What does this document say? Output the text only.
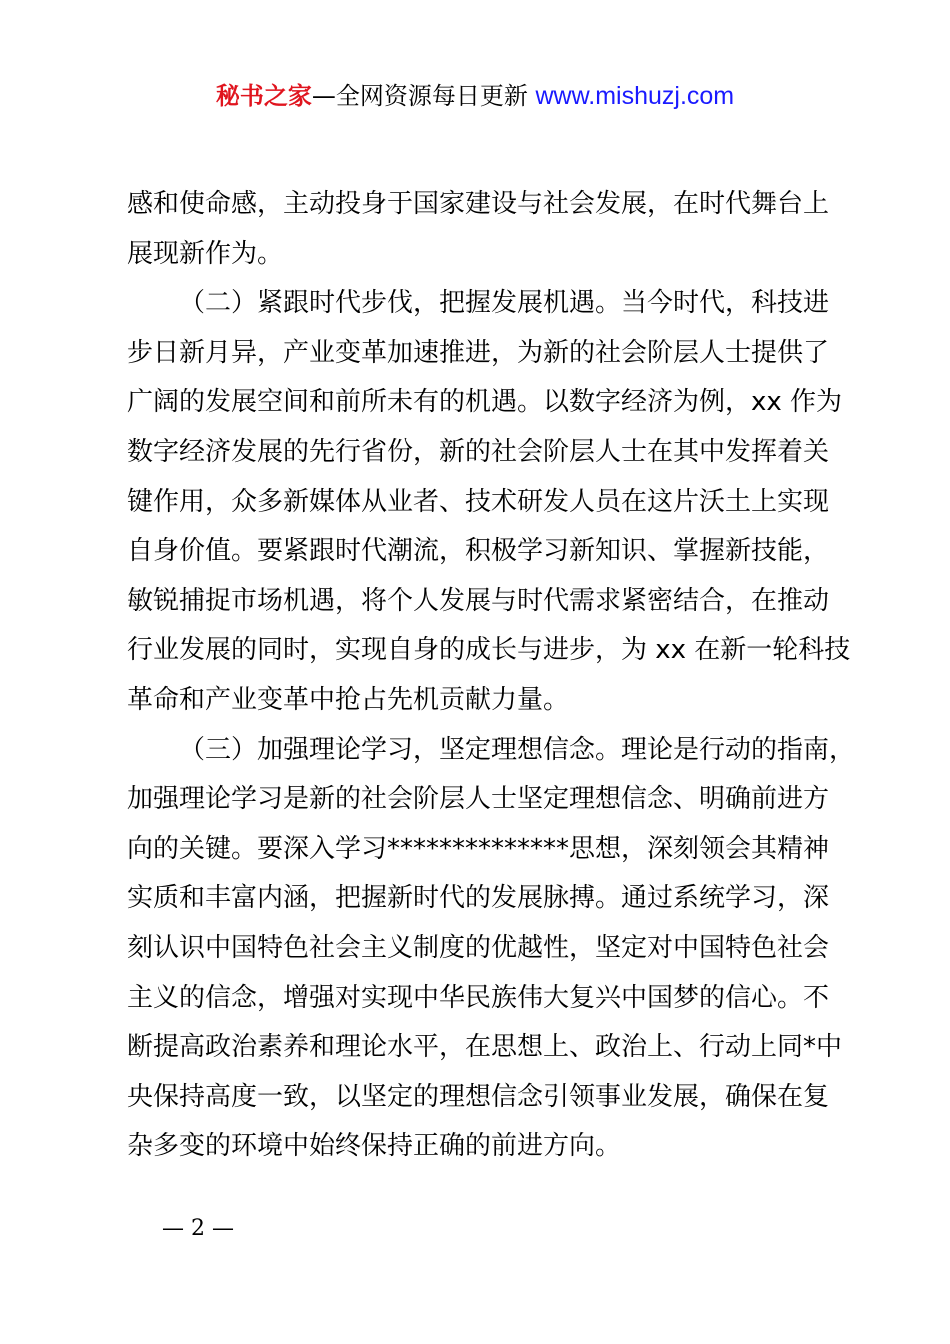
秘书之家—全网资源每日更新 www.mishuzj.com
感和使命感，主动投身于国家建设与社会发展，在时代舞台上
展现新作为。
（二）紧跟时代步伐，把握发展机遇。当今时代，科技进
步日新月异，产业变革加速推进，为新的社会阶层人士提供了
广阔的发展空间和前所未有的机遇。以数字经济为例，xx 作为
数字经济发展的先行省份，新的社会阶层人士在其中发挥着关
键作用，众多新媒体从业者、技术研发人员在这片沃土上实现
自身价值。要紧跟时代潮流，积极学习新知识、掌握新技能，
敏锐捕捉市场机遇，将个人发展与时代需求紧密结合，在推动
行业发展的同时，实现自身的成长与进步，为 xx 在新一轮科技
革命和产业变革中抢占先机贡献力量。
（三）加强理论学习，坚定理想信念。理论是行动的指南，
加强理论学习是新的社会阶层人士坚定理想信念、明确前进方
向的关键。要深入学习**************思想，深刻领会其精神
实质和丰富内涵，把握新时代的发展脉搏。通过系统学习，深
刻认识中国特色社会主义制度的优越性，坚定对中国特色社会
主义的信念，增强对实现中华民族伟大复兴中国梦的信心。不
断提高政治素养和理论水平，在思想上、政治上、行动上同*中
央保持高度一致，以坚定的理想信念引领事业发展，确保在复
杂多变的环境中始终保持正确的前进方向。
— 2 —
